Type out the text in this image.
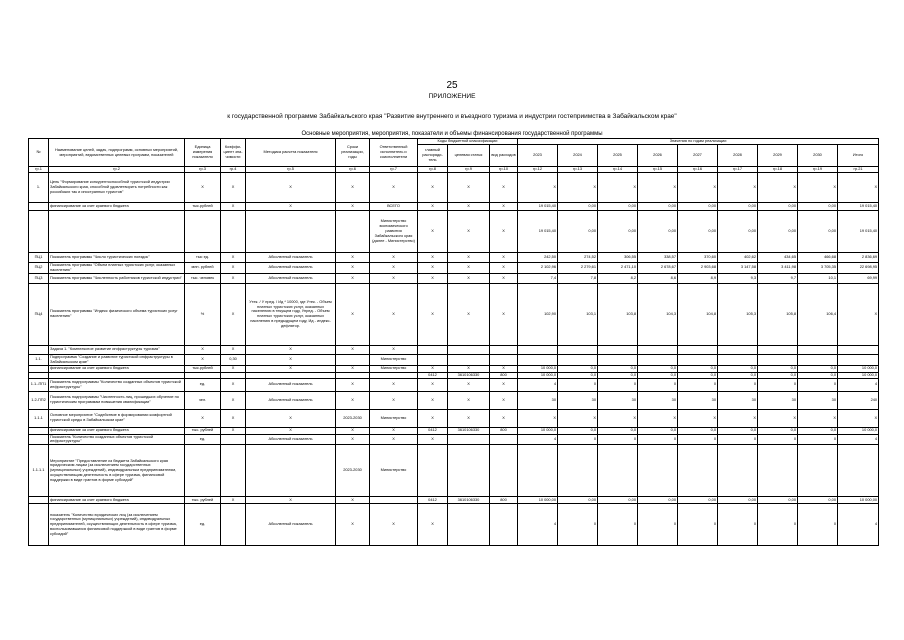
25
ПРИЛОЖЕНИЕ
к государственной программе Забайкальского края "Развитие внутреннего и въездного туризма и индустрии гостеприимства в Забайкальском крае"
Основные мероприятия, мероприятия, показатели и объемы финансирования государственной программы
№	Наименование целей, задач, подпрограмм, основных мероприятий, мероприятий, ведомственных целевых программ, показателей	Единица измерения показателя	Коэффи-циент зна-чимости	Методика расчета показателя	Сроки реализации, годы	Ответственный исполнитель и соисполнители	Коды бюджетной классификации			Значения по годам реализации								
							главный распоряди-тель	целевая статья	вид расходов	2023	2024	2025	2026	2027	2028	2029	2030	Итого
гр.1	гр.2	гр.3	гр.4	гр.5	гр.6	гр.7	гр.8	гр.9	гр.10	гр.12	гр.13	гр.14	гр.15	гр.16	гр.17	гр.18	гр.19	гр.21
1.	Цель "Формирование конкурентоспособной туристской индустрии Забайкальского края, способной удовлетворить потребности как российских так и иностранных туристов"	Х	Х	Х	Х	Х	Х	Х	Х	Х	Х	Х	Х	Х	Х	Х	Х	Х
	финансирование за счет краевого бюджета	тыс.рублей	Х	Х	Х	ВСЕГО	Х	Х	Х	19 015,40	0,00	0,00	0,00	0,00	0,00	0,00	0,00	19 015,40
						Министерство экономического развития Забайкальского края (далее - Министерство)	Х	Х	Х	19 015,40	0,00	0,00	0,00	0,00	0,00	0,00	0,00	19 015,40
ПЦ1	Показатель программы "Число туристических поездок"	тыс ед.	Х	Абсолютный показатель	Х	Х	Х	Х	Х	242,50	274,52	306,55	338,57	370,60	402,62	434,65	466,68	2 836,69
ПЦ2	Показатель программы "Объем платных туристских услуг, оказанных населению"	млн. рублей	Х	Абсолютный показатель	Х	Х	Х	Х	Х	2 102,96	2 279,61	2 471,10	2 678,67	2 903,68	3 147,58	3 411,98	3 705,35	22 698,95
ПЦ3	Показатель программы "Численность работников туристской индустрии"	тыс. человек	Х	Абсолютный показатель	Х	Х	Х	Х	Х	7,4	7,8	8,2	8,6	8,9	9,3	9,7	10,1	69,99
ПЦ4	Показатель программы "Индекс физического объема туристских услуг населению"	%	Х	Утек. / У пред. / Ид * 10000, где Утек. - Объем платных туристских услуг, оказанных населению в текущем году, Упред. - Объем платных туристских услуг, оказанных населению в предыдущем году, Ид - индекс-дефлятор.	Х	Х	Х	Х	Х	102,90	103,1	103,8	104,3	104,8	105,3	105,8	106,4	Х
	Задача 1. "Комплексное развитие инфраструктуры туризма"	Х	Х	Х	Х	Х												
1.1.	Подпрограмма "Создание и развитие туристской инфраструктуры в Забайкальском крае"	Х	0,30	Х		Министерство												
	финансирование за счет краевого бюджета	тыс.рублей	Х	Х	Х	Министерство	Х	Х	Х	10 000,0	0,0	0,0	0,0	0,0	0,0	0,0	0,0	10 000,0
							0412	3610106330	800	10 000,0	0,0	0,0	0,0	0,0	0,0	0,0	0,0	10 000,0
1.1.-ПП1	Показатель подпрограммы "Количество созданных объектов туристской инфраструктуры"	ед.	Х	Абсолютный показатель	Х	Х	Х	Х	Х	4	0	0	0	0	0	0	0	4
1.2-ПП2	Показатель подпрограммы "Численность лиц, прошедших обучение по туристическим программам повышения квалификации"	чел.	Х	Абсолютный показатель	Х	Х	Х	Х	Х	30	30	30	30	30	30	30	30	240
1.1.1	Основное мероприятие "Содействие в формировании комфортной туристской среды в Забайкальском крае"	Х	Х	Х	2023-2030	Министерство	Х	Х	Х	Х	Х	Х	Х	Х	Х	Х	Х	Х
	финансирование за счет краевого бюджета	тыс. рублей	Х	Х	Х	Х	0412	3610106330	800	10 000,0	0,0	0,0	0,0	0,0	0,0	0,0	0,0	10 000,0
	Показатель "Количество созданных объектов туристской инфраструктуры"	ед.		Абсолютный показатель	Х	Х	Х			4	0	0	0	0	0	0	0	4
1.1.1.1	Мероприятие "Предоставление из бюджета Забайкальского края юридическим лицам (за исключением государственных (муниципальных) учреждений), индивидуальным предпринимателям, осуществляющим деятельность в сфере туризма, финансовой поддержки в виде грантов в форме субсидий"				2023-2030	Министерство												
	финансирование за счет краевого бюджета	тыс. рублей	Х	Х	Х		0412	3610106330	800	10 000,00	0,00	0,00	0,00	0,00	0,00	0,00	0,00	10 000,00
	показатель "Количество юридических лиц (за исключением государственных (муниципальных) учреждений), индивидуальных предпринимателей, осуществляющих деятельность в сфере туризма, воспользовавшихся финансовой поддержкой в виде грантов в форме субсидий"	ед.		Абсолютный показатель	Х	Х	Х			4	0	0	0	0	0	0	0	4
